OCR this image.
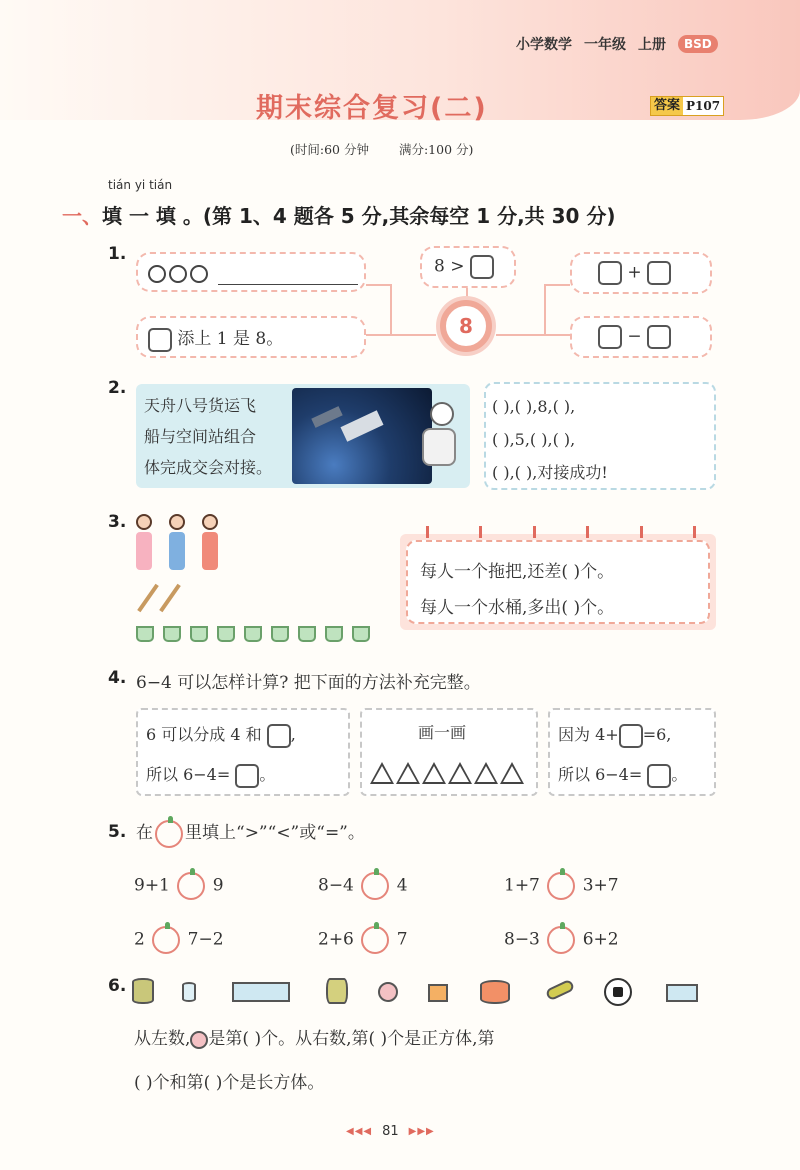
小学数学 一年级 上册	BSD
期末综合复习(二)	答案 P107
(时间:60 分钟 满分:100 分)
tián yi tián
一、填 一 填 。(第 1、4 题各 5 分,其余每空 1 分,共 30 分)
1.
添上 1 是 8。
8 >	+
−
8
2.
天舟八号货运飞
船与空间站组合
体完成交会对接。
( ),( ),8,( ),
( ),5,( ),( ),
( ),( ),对接成功!
3.

每人一个拖把,还差( )个。
每人一个水桶,多出( )个。
4. 6−4 可以怎样计算? 把下面的方法补充完整。
6 可以分成 4 和 ,
所以 6−4= 。
画一画	因为 4+ =6,
所以 6−4= 。
5. 在 里填上“>”“<”或“=”。
9+1	9	8−4	4	1+7	3+7
2	7−2	2+6	7	8−3	6+2
6.
从左数, 是第( )个。从右数,第( )个是正方体,第
( )个和第( )个是长方体。
◀◀◀ 81 ▶▶▶
